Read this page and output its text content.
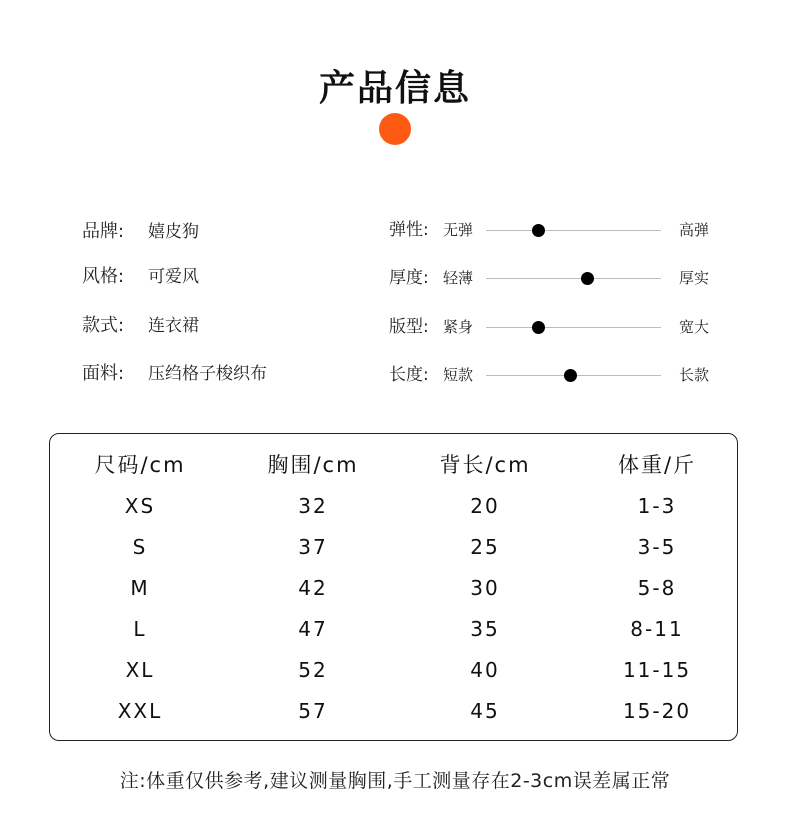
产品信息
品牌: 嬉皮狗
风格: 可爱风
款式: 连衣裙
面料: 压绉格子梭织布
弹性: 无弹	高弹
厚度: 轻薄	厚实
版型: 紧身	宽大
长度: 短款	长款
尺码/cm	胸围/cm	背长/cm	体重/斤
XS	32	20	1-3
S	37	25	3-5
M	42	30	5-8
L	47	35	8-11
XL	52	40	11-15
XXL	57	45	15-20
注:体重仅供参考,建议测量胸围,手工测量存在2-3cm误差属正常
